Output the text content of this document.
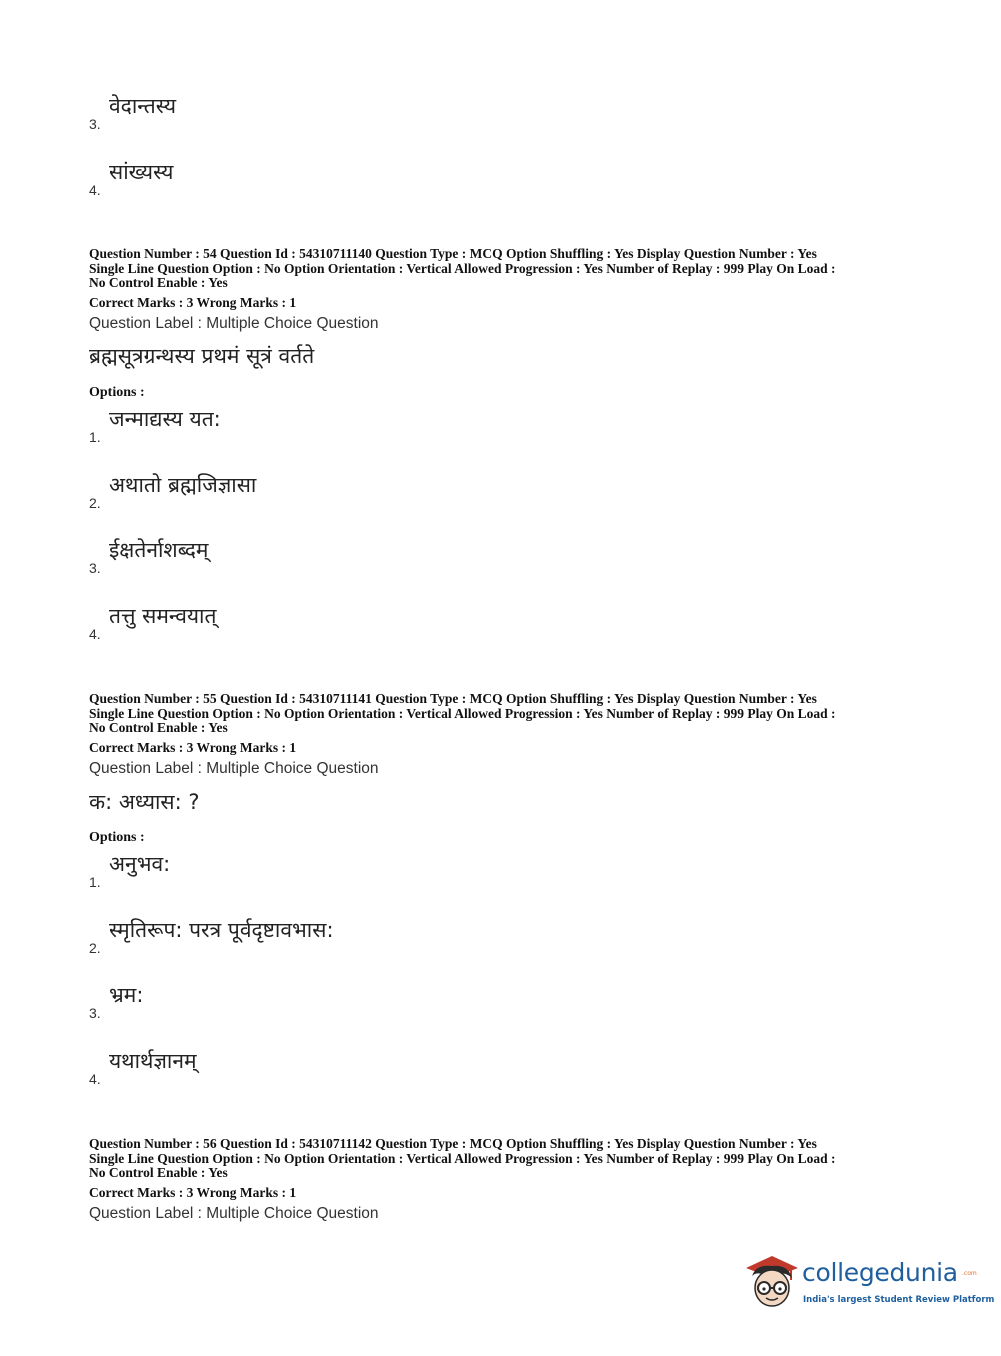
3.
वेदान्तस्य
4.
सांख्यस्य

Question Number : 54 Question Id : 54310711140 Question Type : MCQ Option Shuffling : Yes Display Question Number : Yes

Single Line Question Option : No Option Orientation : Vertical Allowed Progression : Yes Number of Replay : 999 Play On Load :

No Control Enable : Yes

Correct Marks : 3 Wrong Marks : 1
Question Label : Multiple Choice Question
ब्रह्मसूत्रग्रन्थस्य प्रथमं सूत्रं वर्तते
Options :
1.
जन्माद्यस्य यत:
2.
अथातो ब्रह्मजिज्ञासा
3.
ईक्षतेर्नाशब्दम्
4.
तत्तु समन्वयात्

Question Number : 55 Question Id : 54310711141 Question Type : MCQ Option Shuffling : Yes Display Question Number : Yes

Single Line Question Option : No Option Orientation : Vertical Allowed Progression : Yes Number of Replay : 999 Play On Load :

No Control Enable : Yes

Correct Marks : 3 Wrong Marks : 1
Question Label : Multiple Choice Question
क: अध्यास: ?
Options :
1.
अनुभव:
2.
स्मृतिरूप: परत्र पूर्वदृष्टावभास:
3.
भ्रम:
4.
यथार्थज्ञानम्

Question Number : 56 Question Id : 54310711142 Question Type : MCQ Option Shuffling : Yes Display Question Number : Yes

Single Line Question Option : No Option Orientation : Vertical Allowed Progression : Yes Number of Replay : 999 Play On Load :

No Control Enable : Yes

Correct Marks : 3 Wrong Marks : 1
Question Label : Multiple Choice Question
collegedunia .com
India's largest Student Review Platform
